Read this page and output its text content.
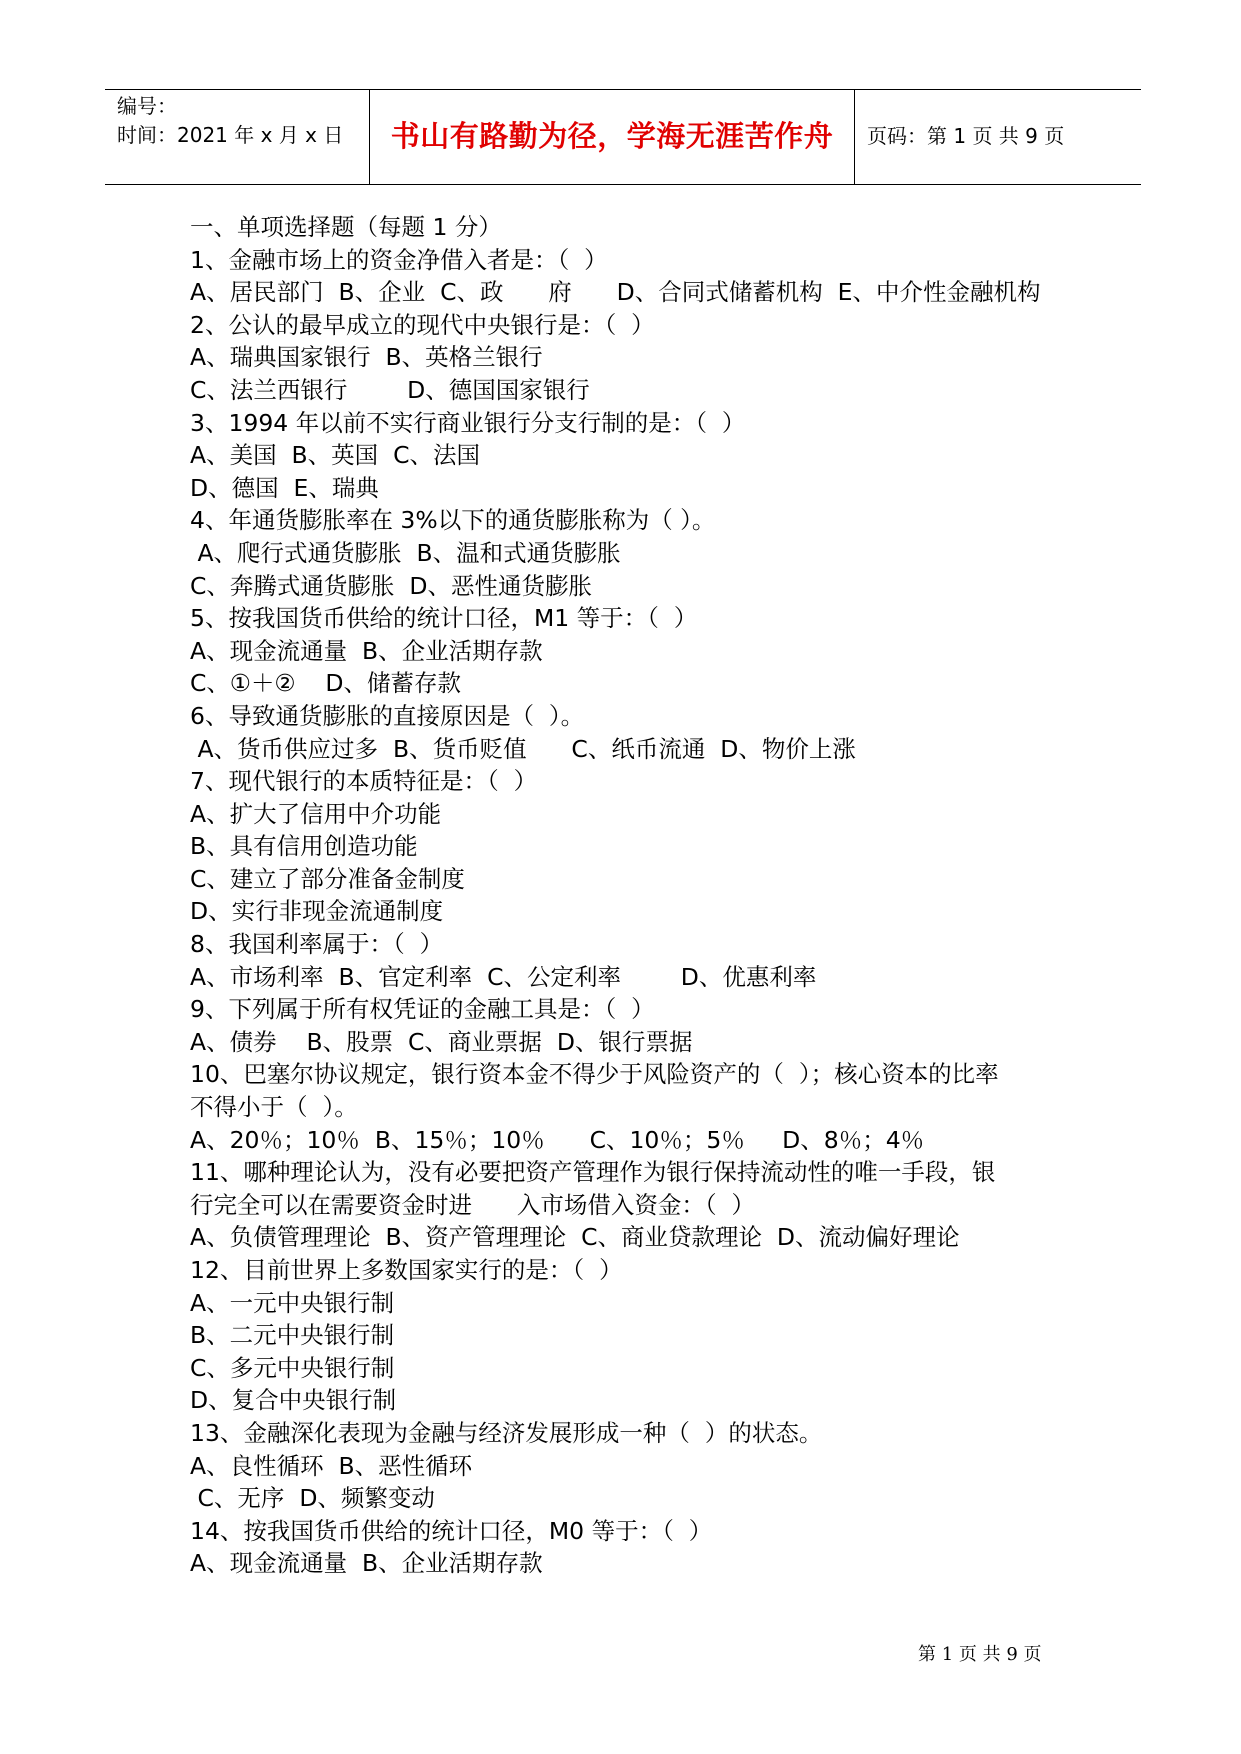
编号：
时间：2021 年 x 月 x 日	书山有路勤为径，学海无涯苦作舟	页码：第 1 页 共 9 页
一、单项选择题（每题 1 分）
1、金融市场上的资金净借入者是：（  ）
A、居民部门  B、企业  C、政      府      D、合同式储蓄机构  E、中介性金融机构
2、公认的最早成立的现代中央银行是：（  ）
A、瑞典国家银行  B、英格兰银行
C、法兰西银行        D、德国国家银行
3、1994 年以前不实行商业银行分支行制的是：（  ）
A、美国  B、英国  C、法国
D、德国  E、瑞典
4、年通货膨胀率在 3%以下的通货膨胀称为（ ）。
A、爬行式通货膨胀  B、温和式通货膨胀
C、奔腾式通货膨胀  D、恶性通货膨胀
5、按我国货币供给的统计口径，M1 等于：（  ）
A、现金流通量  B、企业活期存款
C、①＋②    D、储蓄存款
6、导致通货膨胀的直接原因是（  ）。
A、货币供应过多  B、货币贬值      C、纸币流通  D、物价上涨
7、现代银行的本质特征是：（  ）
A、扩大了信用中介功能
B、具有信用创造功能
C、建立了部分准备金制度
D、实行非现金流通制度
8、我国利率属于：（  ）
A、市场利率  B、官定利率  C、公定利率        D、优惠利率
9、下列属于所有权凭证的金融工具是：（  ）
A、债券    B、股票  C、商业票据  D、银行票据
10、巴塞尔协议规定，银行资本金不得少于风险资产的（  ）；核心资本的比率
不得小于（  ）。
A、20％；10％  B、15％；10％      C、10％；5％     D、8％；4％
11、哪种理论认为，没有必要把资产管理作为银行保持流动性的唯一手段，银
行完全可以在需要资金时进      入市场借入资金：（  ）
A、负债管理理论  B、资产管理理论  C、商业贷款理论  D、流动偏好理论
12、目前世界上多数国家实行的是：（  ）
A、一元中央银行制
B、二元中央银行制
C、多元中央银行制
D、复合中央银行制
13、金融深化表现为金融与经济发展形成一种（  ）的状态。
A、良性循环  B、恶性循环
C、无序  D、频繁变动
14、按我国货币供给的统计口径，M0 等于：（  ）
A、现金流通量  B、企业活期存款
第 1 页 共 9 页
